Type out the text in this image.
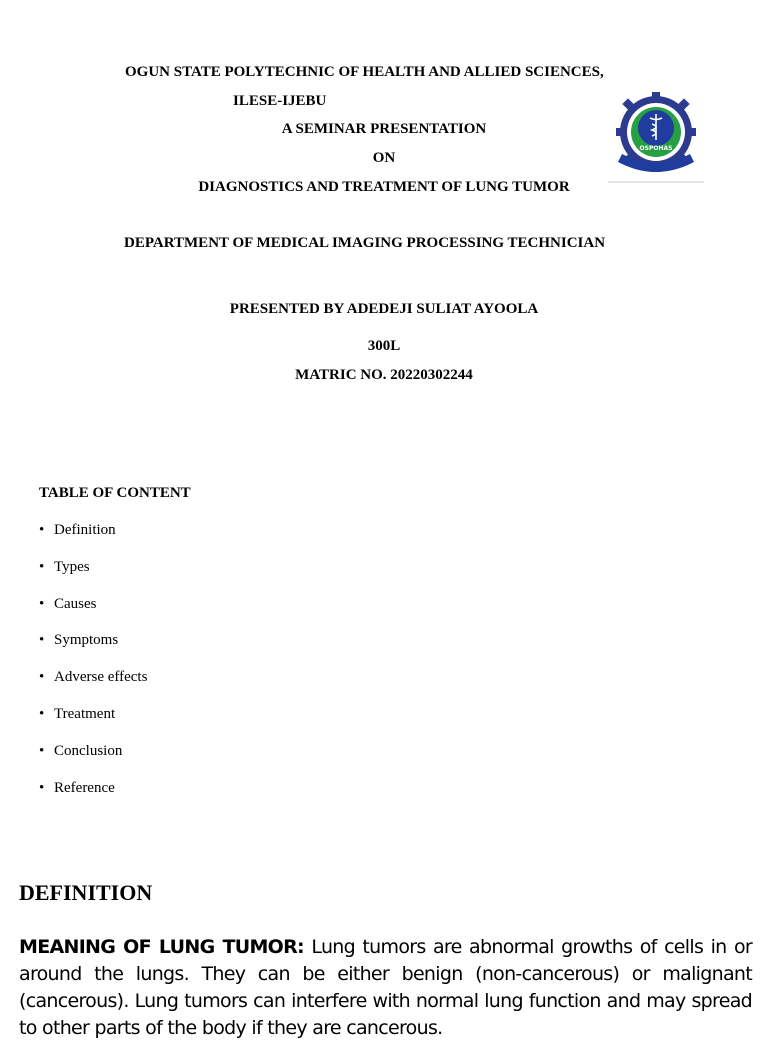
OGUN STATE POLYTECHNIC OF HEALTH AND ALLIED SCIENCES,
ILESE-IJEBU
A SEMINAR PRESENTATION
ON
DIAGNOSTICS AND TREATMENT OF LUNG TUMOR
DEPARTMENT OF MEDICAL IMAGING PROCESSING TECHNICIAN
PRESENTED BY ADEDEJI SULIAT AYOOLA
300L
MATRIC NO. 20220302244
OSPOHAS
TABLE OF CONTENT
• Definition
• Types
• Causes
• Symptoms
• Adverse effects
• Treatment
• Conclusion
• Reference
DEFINITION

MEANING OF LUNG TUMOR: Lung tumors are abnormal growths of cells in or around the lungs. They can be either benign (non-cancerous) or malignant (cancerous). Lung tumors can interfere with normal lung function and may spread to other parts of the body if they are cancerous.
